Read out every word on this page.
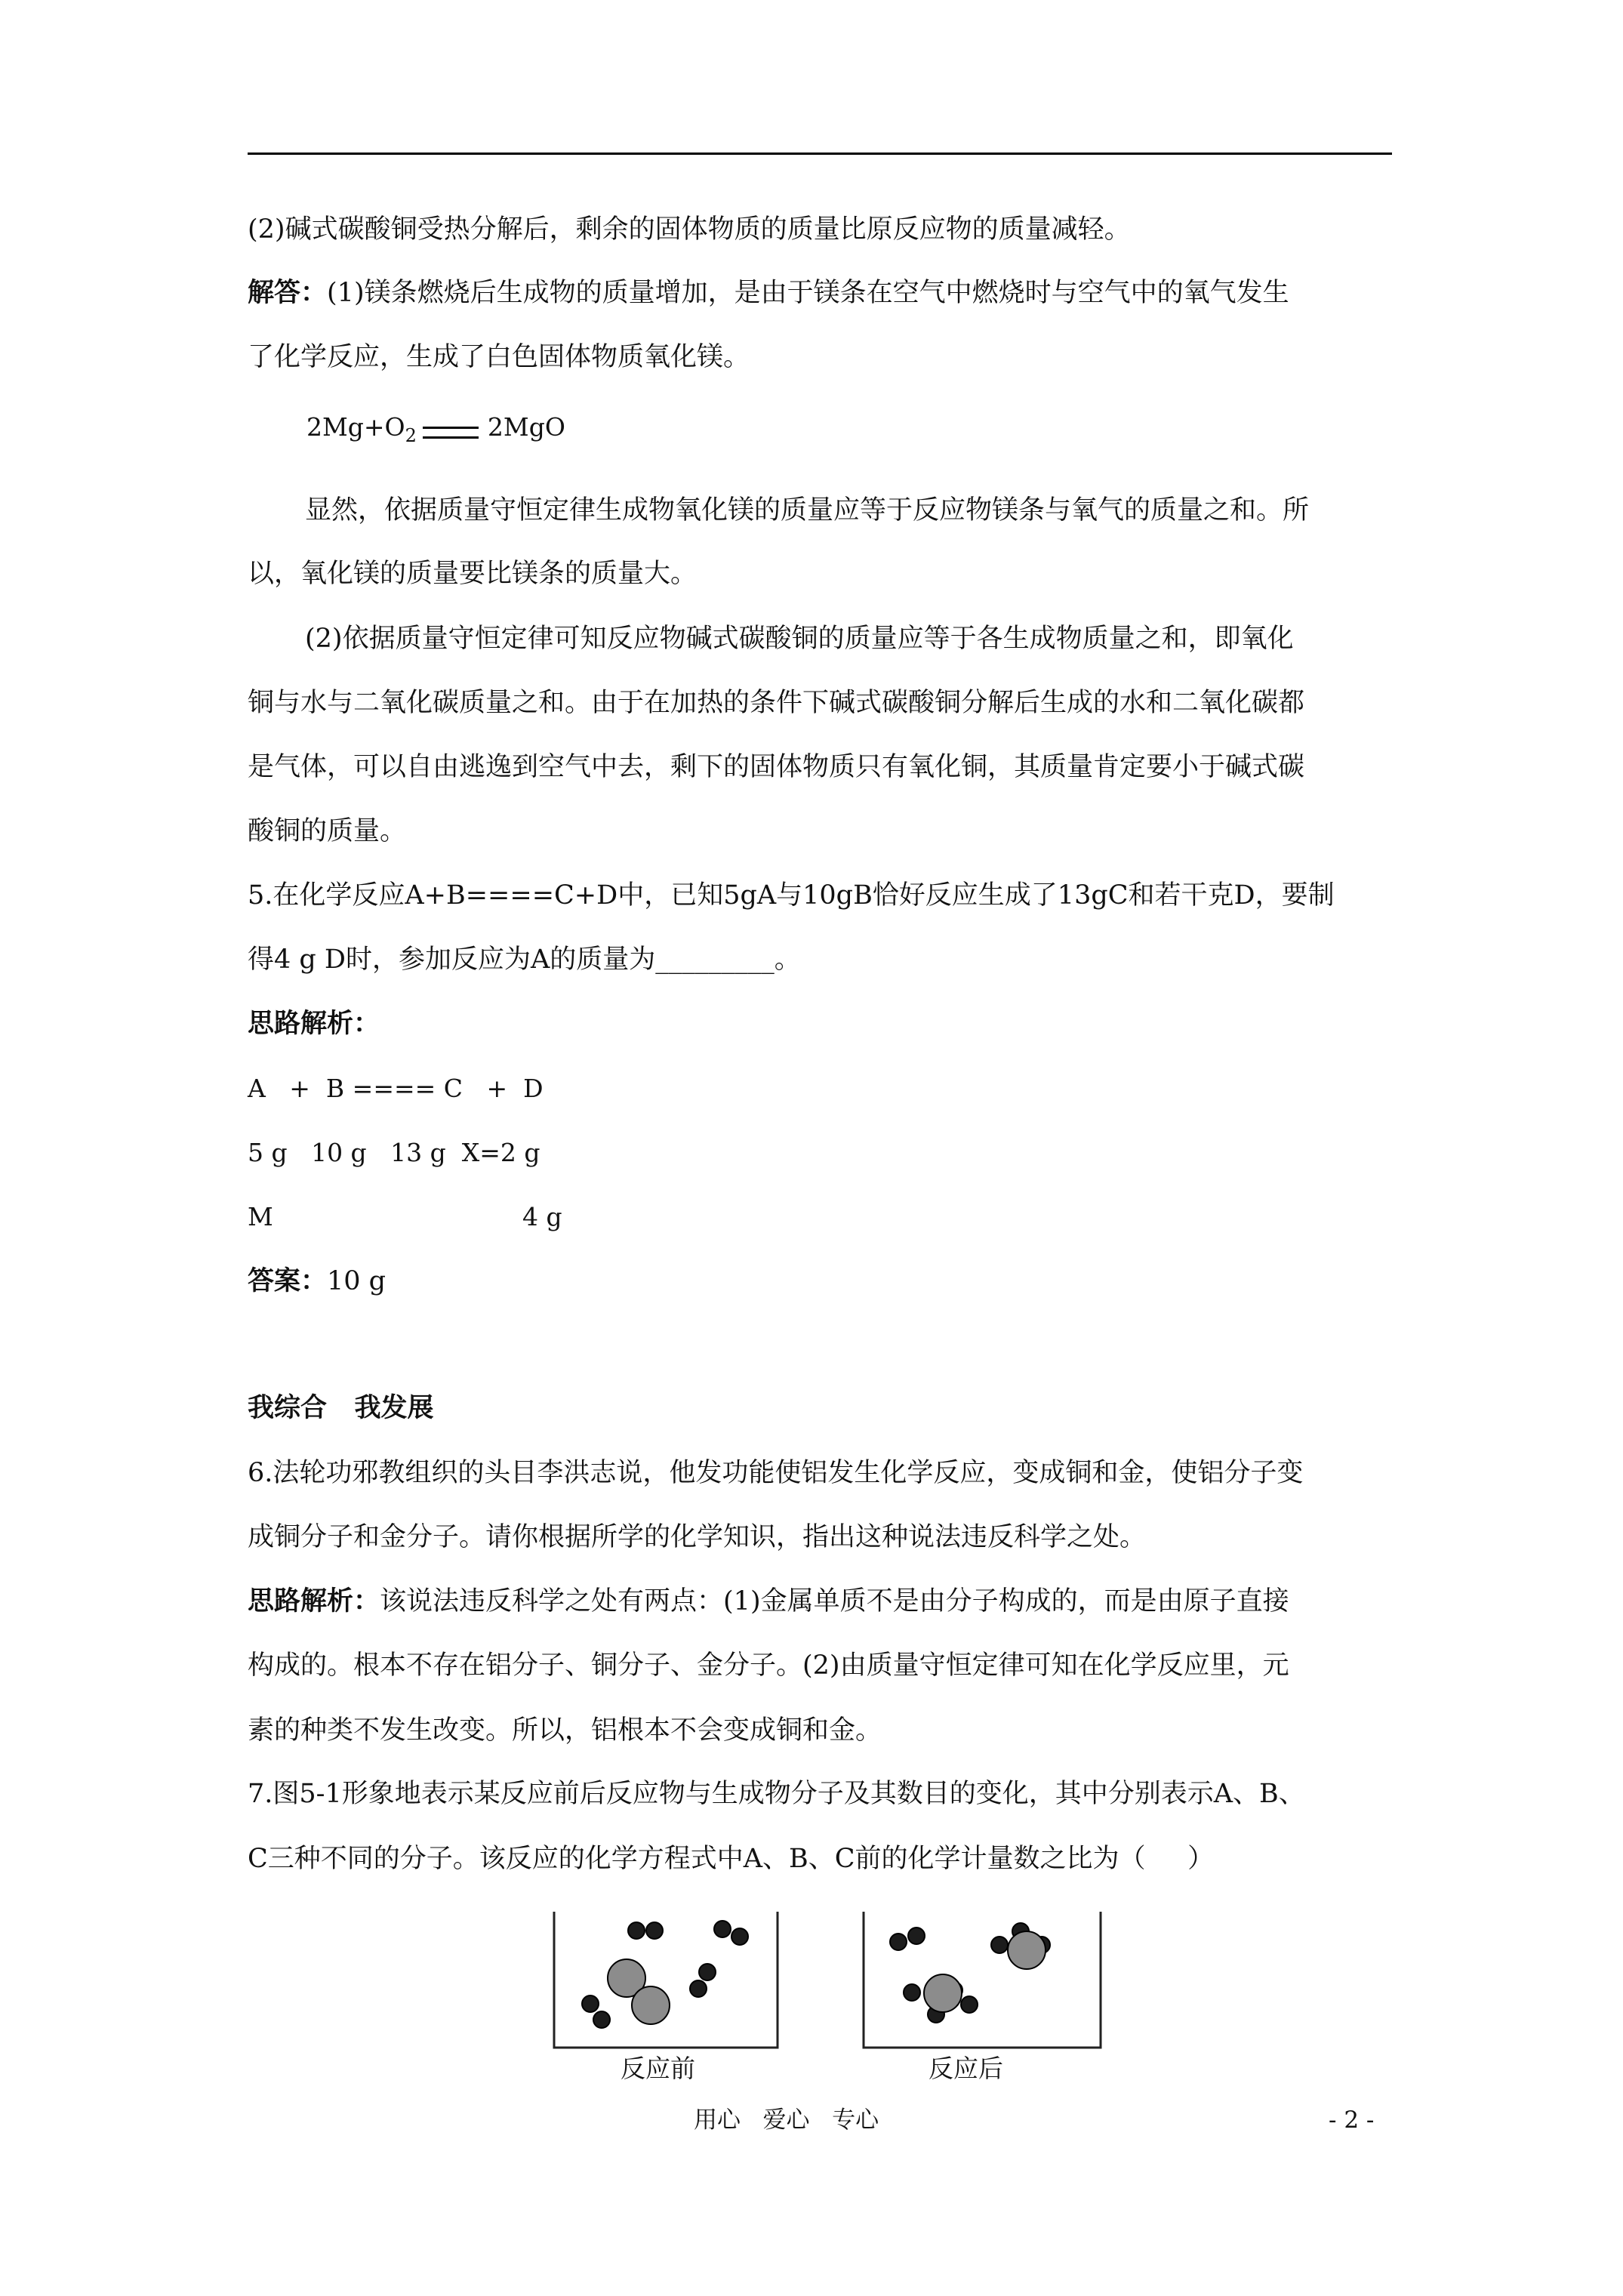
(2)碱式碳酸铜受热分解后，剩余的固体物质的质量比原反应物的质量减轻。
解答：(1)镁条燃烧后生成物的质量增加，是由于镁条在空气中燃烧时与空气中的氧气发生
了化学反应，生成了白色固体物质氧化镁。
$2Mg+O_2$	2MgO
显然，依据质量守恒定律生成物氧化镁的质量应等于反应物镁条与氧气的质量之和。所
以，氧化镁的质量要比镁条的质量大。
(2)依据质量守恒定律可知反应物碱式碳酸铜的质量应等于各生成物质量之和，即氧化
铜与水与二氧化碳质量之和。由于在加热的条件下碱式碳酸铜分解后生成的水和二氧化碳都
是气体，可以自由逃逸到空气中去，剩下的固体物质只有氧化铜，其质量肯定要小于碱式碳
酸铜的质量。
5.在化学反应A+B====C+D中，已知5gA与10gB恰好反应生成了13gC和若干克D，要制
得4 g D时，参加反应为A的质量为_________。
思路解析：
A   +  B ==== C   +  D
5 g   10 g   13 g  X=2 g
M	4 g
答案：10 g
我综合   我发展
6.法轮功邪教组织的头目李洪志说，他发功能使铝发生化学反应，变成铜和金，使铝分子变
成铜分子和金分子。请你根据所学的化学知识，指出这种说法违反科学之处。
思路解析：该说法违反科学之处有两点：(1)金属单质不是由分子构成的，而是由原子直接
构成的。根本不存在铝分子、铜分子、金分子。(2)由质量守恒定律可知在化学反应里，元
素的种类不发生改变。所以，铝根本不会变成铜和金。
7.图5-1形象地表示某反应前后反应物与生成物分子及其数目的变化，其中分别表示A、B、
C三种不同的分子。该反应的化学方程式中A、B、C前的化学计量数之比为（     ）
反应前	反应后
用心   爱心   专心	- 2 -
